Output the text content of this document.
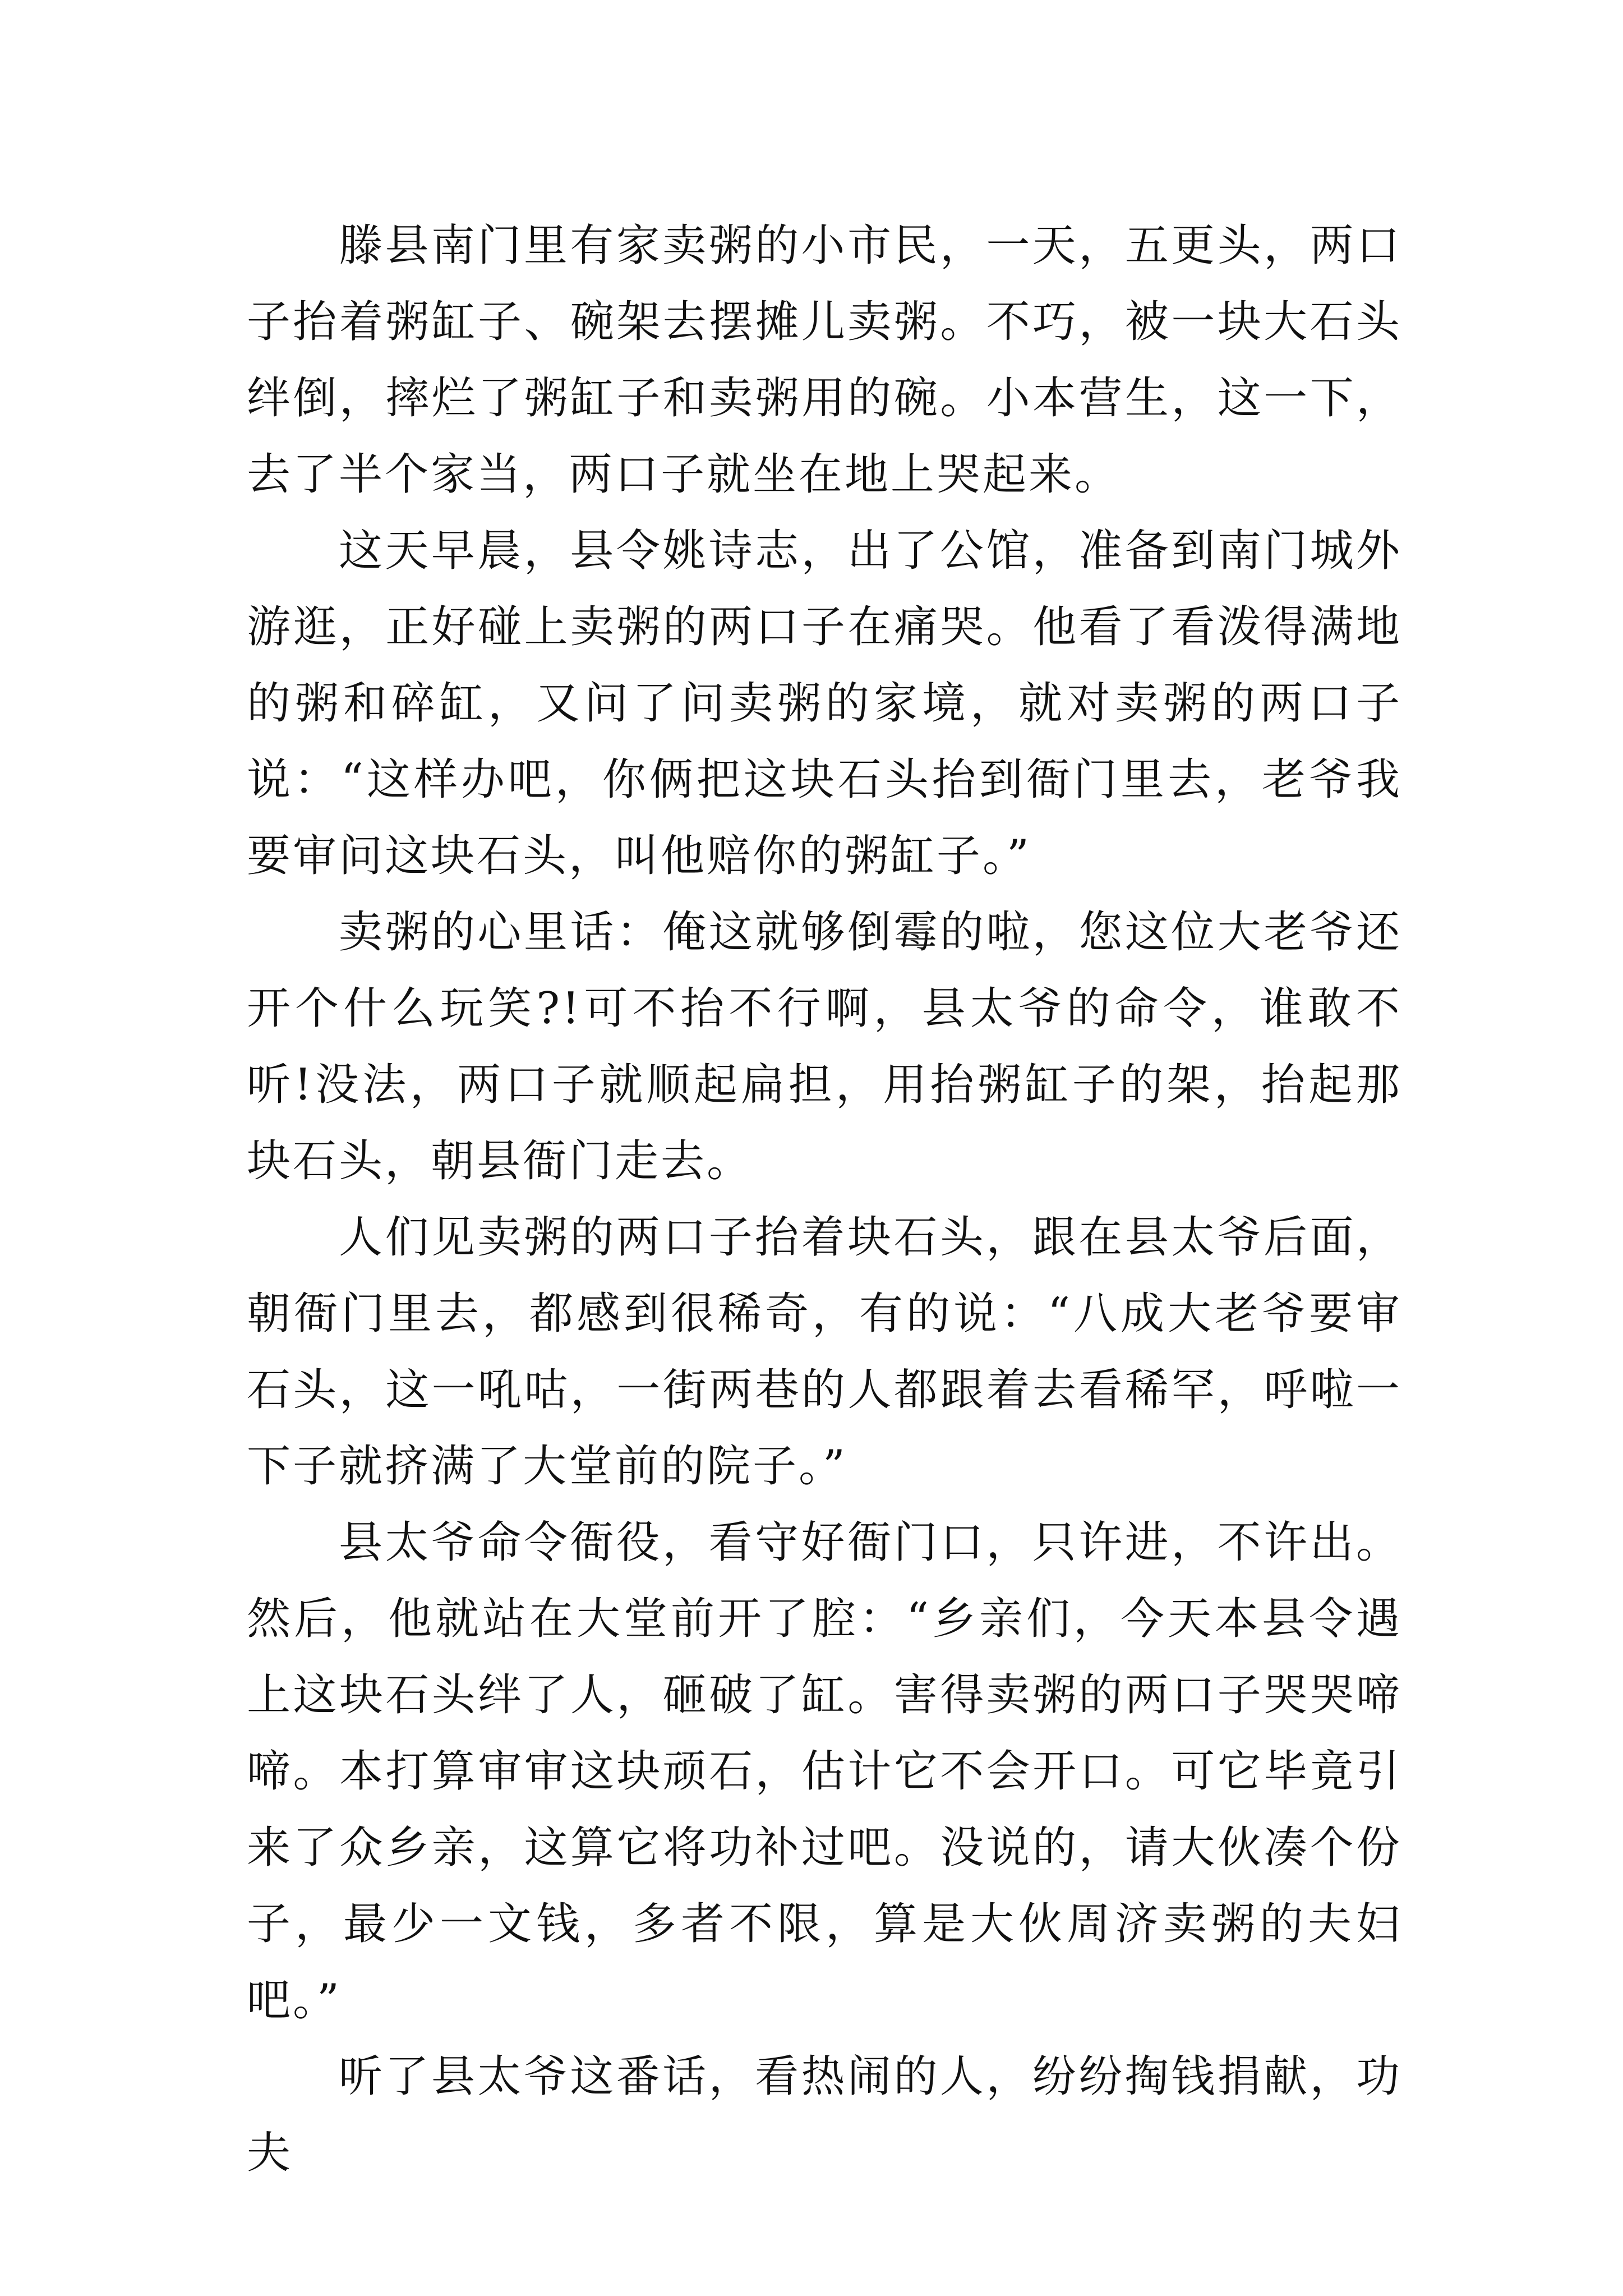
滕县南门里有家卖粥的小市民，一天，五更头，两口子抬着粥缸子、碗架去摆摊儿卖粥。不巧，被一块大石头绊倒，摔烂了粥缸子和卖粥用的碗。小本营生，这一下，去了半个家当，两口子就坐在地上哭起来。

这天早晨，县令姚诗志，出了公馆，准备到南门城外游逛，正好碰上卖粥的两口子在痛哭。他看了看泼得满地的粥和碎缸，又问了问卖粥的家境，就对卖粥的两口子说：“这样办吧，你俩把这块石头抬到衙门里去，老爷我要审问这块石头，叫他赔你的粥缸子。”

卖粥的心里话：俺这就够倒霉的啦，您这位大老爷还开个什么玩笑?!可不抬不行啊，县太爷的命令，谁敢不听!没法，两口子就顺起扁担，用抬粥缸子的架，抬起那块石头，朝县衙门走去。

人们见卖粥的两口子抬着块石头，跟在县太爷后面，朝衙门里去，都感到很稀奇，有的说：“八成大老爷要审石头，这一吼咕，一街两巷的人都跟着去看稀罕，呼啦一下子就挤满了大堂前的院子。”

县太爷命令衙役，看守好衙门口，只许进，不许出。然后，他就站在大堂前开了腔：“乡亲们，今天本县令遇上这块石头绊了人，砸破了缸。害得卖粥的两口子哭哭啼啼。本打算审审这块顽石，估计它不会开口。可它毕竟引来了众乡亲，这算它将功补过吧。没说的，请大伙凑个份子，最少一文钱，多者不限，算是大伙周济卖粥的夫妇吧。”

听了县太爷这番话，看热闹的人，纷纷掏钱捐献，功夫
